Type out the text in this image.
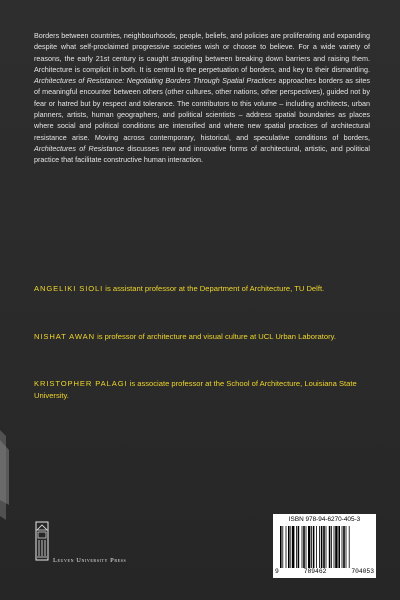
Borders between countries, neighbourhoods, people, beliefs, and policies are proliferating and expanding despite what self-proclaimed progressive societies wish or choose to believe. For a wide variety of reasons, the early 21st century is caught struggling between breaking down barriers and raising them. Architecture is complicit in both. It is central to the perpetuation of borders, and key to their dismantling. Architectures of Resistance: Negotiating Borders Through Spatial Practices approaches borders as sites of meaningful encounter between others (other cultures, other nations, other perspectives), guided not by fear or hatred but by respect and tolerance. The contributors to this volume – including architects, urban planners, artists, human geographers, and political scientists – address spatial boundaries as places where social and political conditions are intensified and where new spatial practices of architectural resistance arise. Moving across contemporary, historical, and speculative conditions of borders, Architectures of Resistance discusses new and innovative forms of architectural, artistic, and political practice that facilitate constructive human interaction.

ANGELIKI SIOLI is assistant professor at the Department of Architecture, TU Delft.

NISHAT AWAN is professor of architecture and visual culture at UCL Urban Laboratory.

KRISTOPHER PALAGI is associate professor at the School of Architecture, Louisiana State University.

Leuven University Press
ISBN 978-94-6270-405-3
9	789462	704053
